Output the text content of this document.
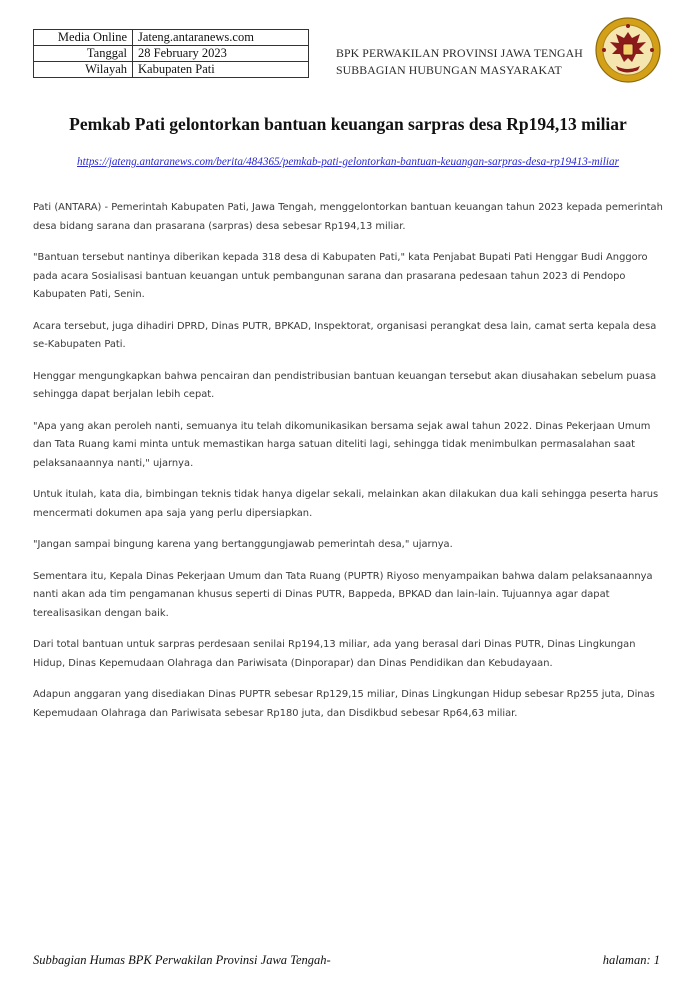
Media Online	Jateng.antaranews.com
Tanggal	28 February 2023
Wilayah	Kabupaten Pati
BPK PERWAKILAN PROVINSI JAWA TENGAH
SUBBAGIAN HUBUNGAN MASYARAKAT
Pemkab Pati gelontorkan bantuan keuangan sarpras desa Rp194,13 miliar
https://jateng.antaranews.com/berita/484365/pemkab-pati-gelontorkan-bantuan-keuangan-sarpras-desa-rp19413-miliar

Pati (ANTARA) - Pemerintah Kabupaten Pati, Jawa Tengah, menggelontorkan bantuan keuangan tahun 2023 kepada pemerintah desa bidang sarana dan prasarana (sarpras) desa sebesar Rp194,13 miliar.

"Bantuan tersebut nantinya diberikan kepada 318 desa di Kabupaten Pati," kata Penjabat Bupati Pati Henggar Budi Anggoro pada acara Sosialisasi bantuan keuangan untuk pembangunan sarana dan prasarana pedesaan tahun 2023 di Pendopo Kabupaten Pati, Senin.

Acara tersebut, juga dihadiri DPRD, Dinas PUTR, BPKAD, Inspektorat, organisasi perangkat desa lain, camat serta kepala desa se-Kabupaten Pati.

Henggar mengungkapkan bahwa pencairan dan pendistribusian bantuan keuangan tersebut akan diusahakan sebelum puasa sehingga dapat berjalan lebih cepat.

"Apa yang akan peroleh nanti, semuanya itu telah dikomunikasikan bersama sejak awal tahun 2022. Dinas Pekerjaan Umum dan Tata Ruang kami minta untuk memastikan harga satuan diteliti lagi, sehingga tidak menimbulkan permasalahan saat pelaksanaannya nanti," ujarnya.

Untuk itulah, kata dia, bimbingan teknis tidak hanya digelar sekali, melainkan akan dilakukan dua kali sehingga peserta harus mencermati dokumen apa saja yang perlu dipersiapkan.

"Jangan sampai bingung karena yang bertanggungjawab pemerintah desa," ujarnya.

Sementara itu, Kepala Dinas Pekerjaan Umum dan Tata Ruang (PUPTR) Riyoso menyampaikan bahwa dalam pelaksanaannya nanti akan ada tim pengamanan khusus seperti di Dinas PUTR, Bappeda, BPKAD dan lain-lain. Tujuannya agar dapat terealisasikan dengan baik.

Dari total bantuan untuk sarpras perdesaan senilai Rp194,13 miliar, ada yang berasal dari Dinas PUTR, Dinas Lingkungan Hidup, Dinas Kepemudaan Olahraga dan Pariwisata (Dinporapar) dan Dinas Pendidikan dan Kebudayaan.

Adapun anggaran yang disediakan Dinas PUPTR sebesar Rp129,15 miliar, Dinas Lingkungan Hidup sebesar Rp255 juta, Dinas Kepemudaan Olahraga dan Pariwisata sebesar Rp180 juta, dan Disdikbud sebesar Rp64,63 miliar.

Subbagian Humas BPK Perwakilan Provinsi Jawa Tengah-	halaman: 1
